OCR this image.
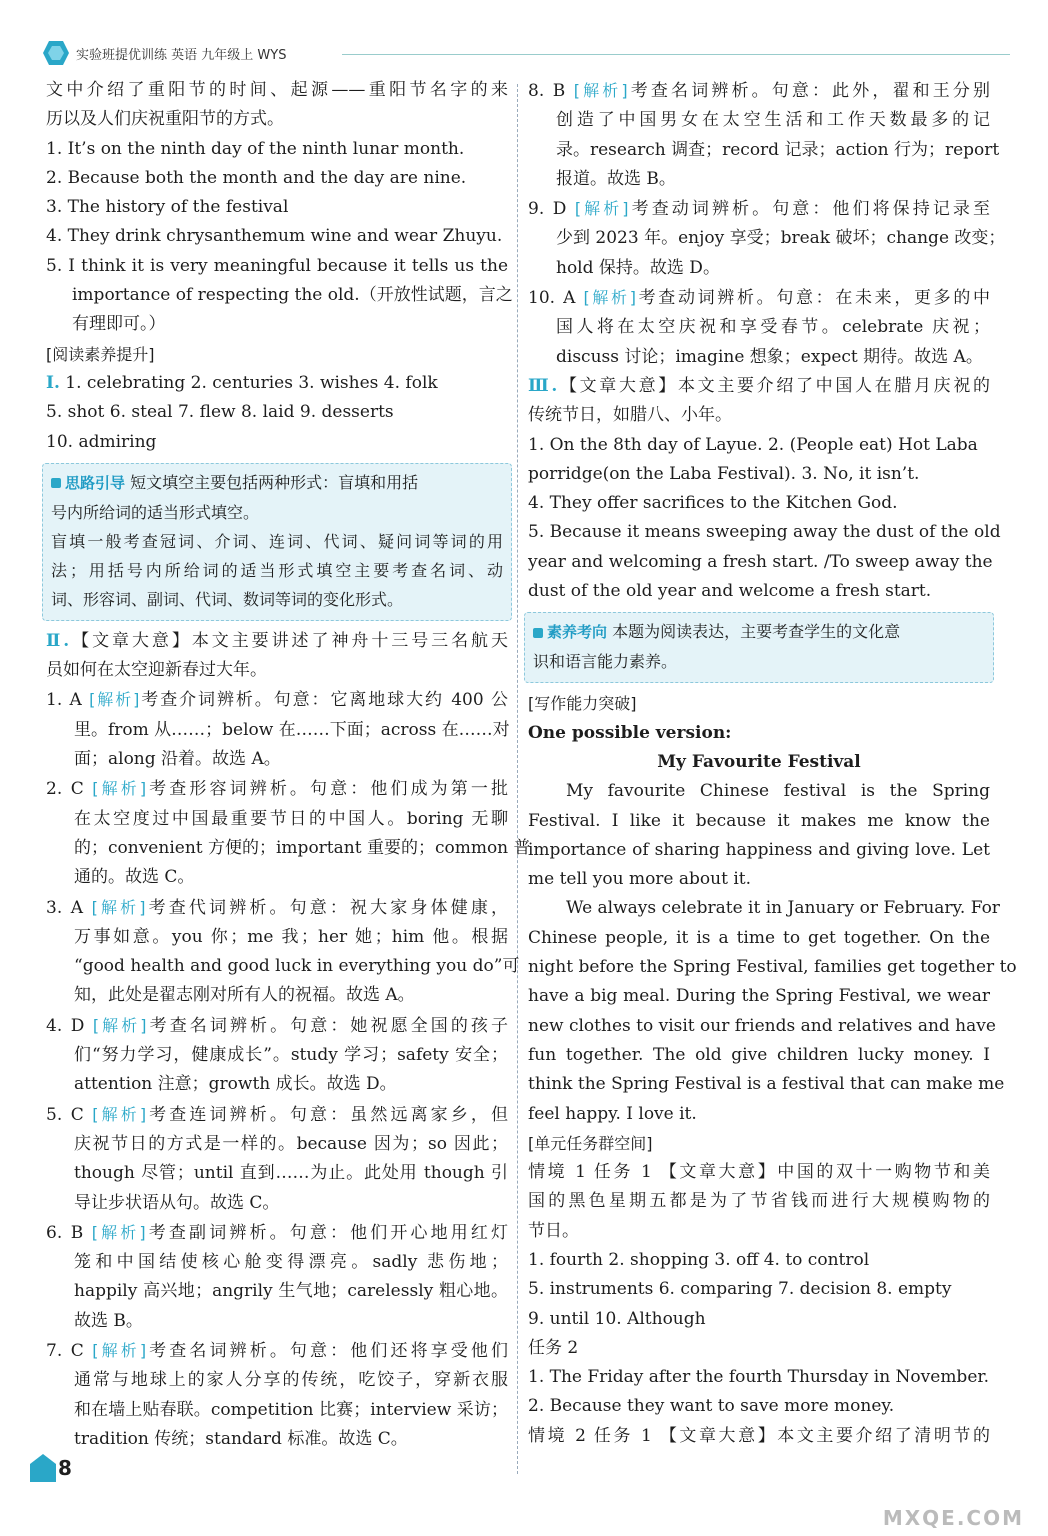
实验班提优训练 英语 九年级上 WYS
文中介绍了重阳节的时间、起源——重阳节名字的来
历以及人们庆祝重阳节的方式。
1. It’s on the ninth day of the ninth lunar month.
2. Because both the month and the day are nine.
3. The history of the festival
4. They drink chrysanthemum wine and wear Zhuyu.
5. I think it is very meaningful because it tells us the
importance of respecting the old.（开放性试题，言之
有理即可。）
[阅读素养提升]
Ⅰ. 1. celebrating 2. centuries 3. wishes 4. folk
5. shot 6. steal 7. flew 8. laid 9. desserts
10. admiring
思路引导 短文填空主要包括两种形式：盲填和用括
号内所给词的适当形式填空。
盲填一般考查冠词、介词、连词、代词、疑问词等词的用
法；用括号内所给词的适当形式填空主要考查名词、动
词、形容词、副词、代词、数词等词的变化形式。
Ⅱ.【文章大意】本文主要讲述了神舟十三号三名航天
员如何在太空迎新春过大年。
1. A [解析]考查介词辨析。句意：它离地球大约 400 公
里。from 从……；below 在……下面；across 在……对
面；along 沿着。故选 A。
2. C [解析]考查形容词辨析。句意：他们成为第一批
在太空度过中国最重要节日的中国人。boring 无聊
的；convenient 方便的；important 重要的；common 普
通的。故选 C。
3. A [解析]考查代词辨析。句意：祝大家身体健康，
万事如意。you 你；me 我；her 她；him 他。根据
“good health and good luck in everything you do”可
知，此处是翟志刚对所有人的祝福。故选 A。
4. D [解析]考查名词辨析。句意：她祝愿全国的孩子
们“努力学习，健康成长”。study 学习；safety 安全；
attention 注意；growth 成长。故选 D。
5. C [解析]考查连词辨析。句意：虽然远离家乡，但
庆祝节日的方式是一样的。because 因为；so 因此；
though 尽管；until 直到……为止。此处用 though 引
导让步状语从句。故选 C。
6. B [解析]考查副词辨析。句意：他们开心地用红灯
笼和中国结使核心舱变得漂亮。sadly 悲伤地；
happily 高兴地；angrily 生气地；carelessly 粗心地。
故选 B。
7. C [解析]考查名词辨析。句意：他们还将享受他们
通常与地球上的家人分享的传统，吃饺子，穿新衣服
和在墙上贴春联。competition 比赛；interview 采访；
tradition 传统；standard 标准。故选 C。
8. B [解析]考查名词辨析。句意：此外，翟和王分别
创造了中国男女在太空生活和工作天数最多的记
录。research 调查；record 记录；action 行为；report
报道。故选 B。
9. D [解析]考查动词辨析。句意：他们将保持记录至
少到 2023 年。enjoy 享受；break 破坏；change 改变；
hold 保持。故选 D。
10. A [解析]考查动词辨析。句意：在未来，更多的中
国人将在太空庆祝和享受春节。celebrate 庆祝；
discuss 讨论；imagine 想象；expect 期待。故选 A。
Ⅲ.【文章大意】本文主要介绍了中国人在腊月庆祝的
传统节日，如腊八、小年。
1. On the 8th day of Layue. 2. (People eat) Hot Laba
porridge(on the Laba Festival). 3. No, it isn’t.
4. They offer sacrifices to the Kitchen God.
5. Because it means sweeping away the dust of the old
year and welcoming a fresh start. /To sweep away the
dust of the old year and welcome a fresh start.
素养考向 本题为阅读表达，主要考查学生的文化意
识和语言能力素养。
[写作能力突破]
One possible version:
My Favourite Festival
My favourite Chinese festival is the Spring
Festival. I like it because it makes me know the
importance of sharing happiness and giving love. Let
me tell you more about it.
We always celebrate it in January or February. For
Chinese people, it is a time to get together. On the
night before the Spring Festival, families get together to
have a big meal. During the Spring Festival, we wear
new clothes to visit our friends and relatives and have
fun together. The old give children lucky money. I
think the Spring Festival is a festival that can make me
feel happy. I love it.
[单元任务群空间]
情境 1 任务 1 【文章大意】中国的双十一购物节和美
国的黑色星期五都是为了节省钱而进行大规模购物的
节日。
1. fourth 2. shopping 3. off 4. to control
5. instruments 6. comparing 7. decision 8. empty
9. until 10. Although
任务 2
1. The Friday after the fourth Thursday in November.
2. Because they want to save more money.
情境 2 任务 1 【文章大意】本文主要介绍了清明节的
8
MXQE.COM
